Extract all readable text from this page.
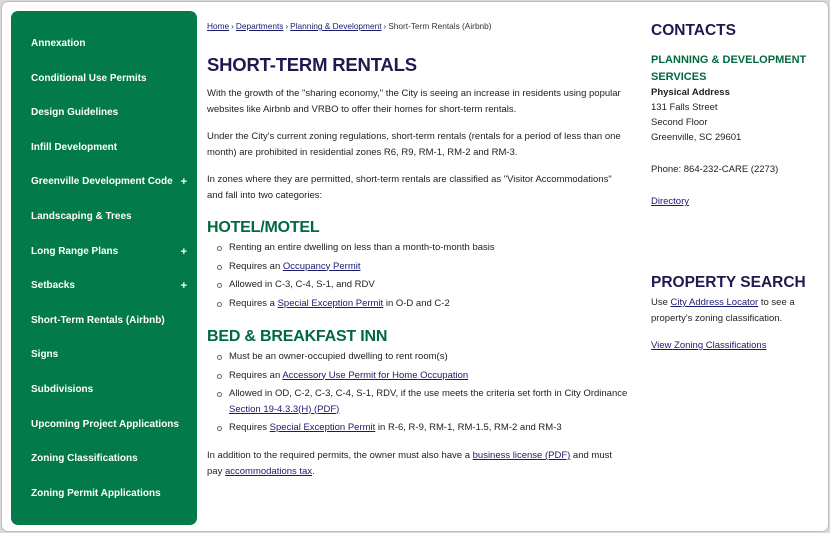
Annexation
Conditional Use Permits
Design Guidelines
Infill Development
Greenville Development Code +
Landscaping & Trees
Long Range Plans	+
Setbacks	+
Short-Term Rentals (Airbnb)
Signs
Subdivisions
Upcoming Project Applications
Zoning Classifications
Zoning Permit Applications
Home › Departments › Planning & Development › Short-Term Rentals (Airbnb)
SHORT-TERM RENTALS

With the growth of the "sharing economy," the City is seeing an increase in residents using popular websites like Airbnb and VRBO to offer their homes for short-term rentals.

Under the City's current zoning regulations, short-term rentals (rentals for a period of less than one month) are prohibited in residential zones R6, R9, RM-1, RM-2 and RM-3.

In zones where they are permitted, short-term rentals are classified as "Visitor Accommodations" and fall into two categories:

HOTEL/MOTEL
Renting an entire dwelling on less than a month-to-month basis
Requires an Occupancy Permit
Allowed in C-3, C-4, S-1, and RDV
Requires a Special Exception Permit in O-D and C-2
BED & BREAKFAST INN
Must be an owner-occupied dwelling to rent room(s)
Requires an Accessory Use Permit for Home Occupation
Allowed in OD, C-2, C-3, C-4, S-1, RDV, if the use meets the criteria set forth in City Ordinance Section 19-4.3.3(H) (PDF)
Requires Special Exception Permit in R-6, R-9, RM-1, RM-1.5, RM-2 and RM-3

In addition to the required permits, the owner must also have a business license (PDF) and must pay accommodations tax.

CONTACTS

PLANNING & DEVELOPMENT SERVICES

Physical Address
131 Falls Street
Second Floor
Greenville, SC 29601
Phone: 864-232-CARE (2273)
Directory
PROPERTY SEARCH
Use City Address Locator to see a property's zoning classification.
View Zoning Classifications
